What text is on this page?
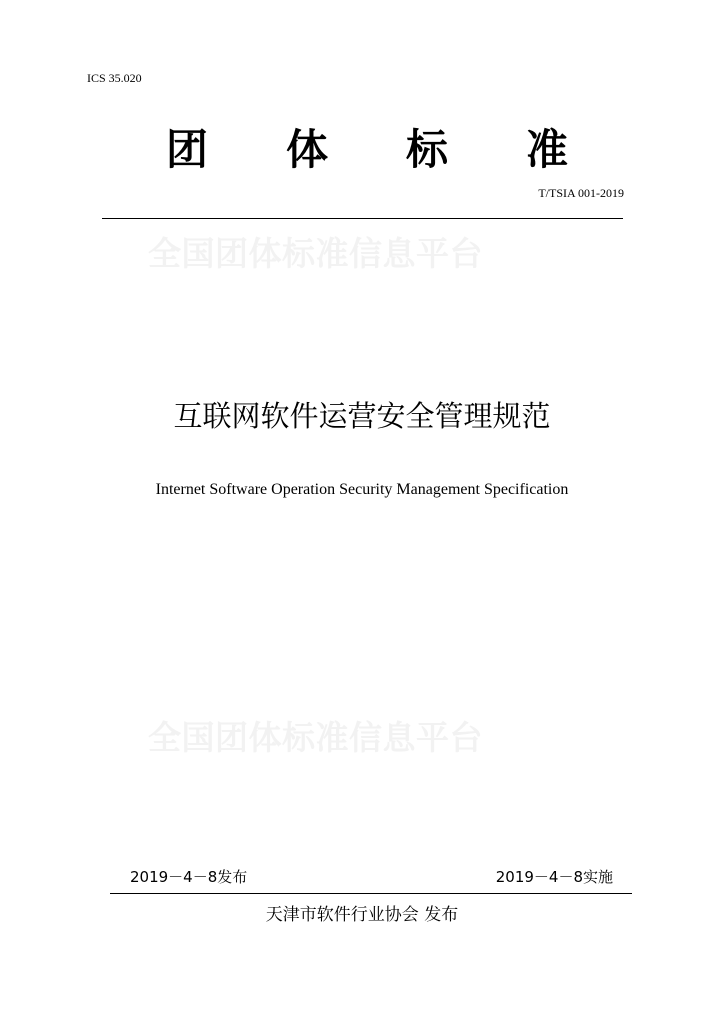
ICS 35.020
团 体 标 准
T/TSIA 001-2019
全国团体标准信息平台
互联网软件运营安全管理规范
Internet Software Operation Security Management Specification
全国团体标准信息平台
2019－4－8发布	2019－4－8实施
天津市软件行业协会 发布
